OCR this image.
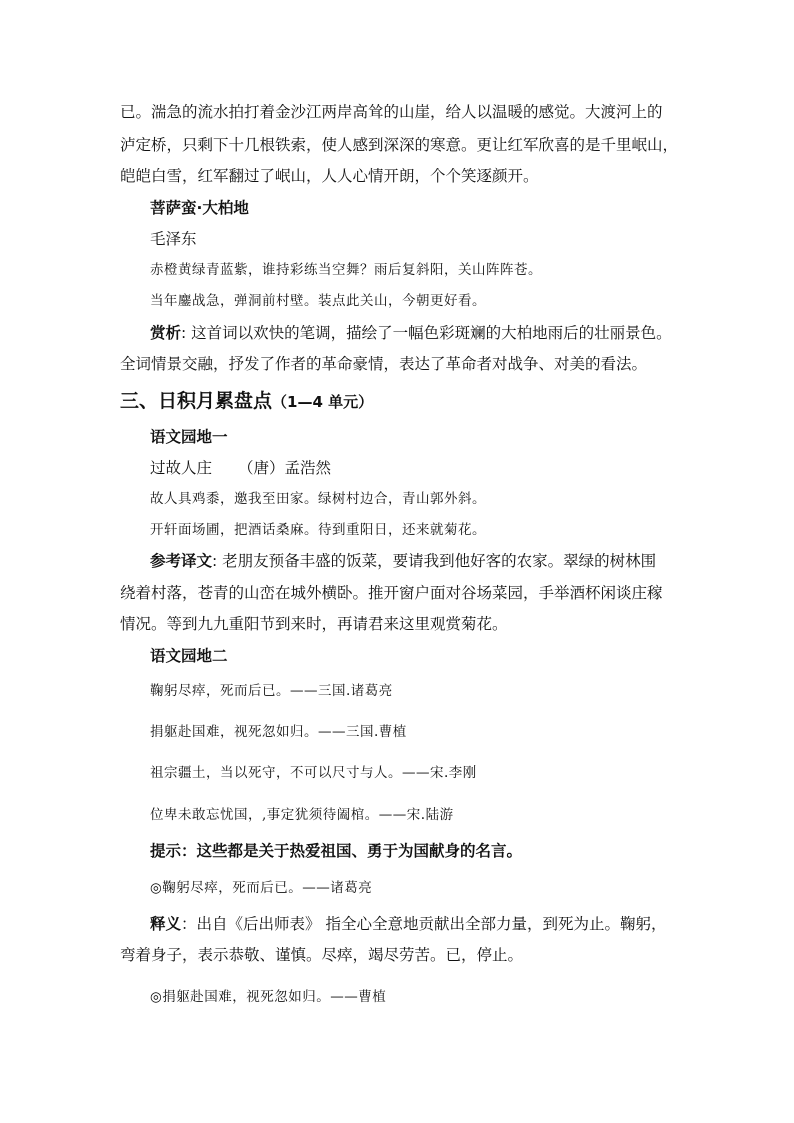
已。湍急的流水拍打着金沙江两岸高耸的山崖，给人以温暖的感觉。大渡河上的
泸定桥，只剩下十几根铁索，使人感到深深的寒意。更让红军欣喜的是千里岷山，
皑皑白雪，红军翻过了岷山，人人心情开朗，个个笑逐颜开。
菩萨蛮·大柏地
毛泽东
赤橙黄绿青蓝紫，谁持彩练当空舞？雨后复斜阳，关山阵阵苍。
当年鏖战急，弹洞前村壁。装点此关山，今朝更好看。
赏析: 这首词以欢快的笔调，描绘了一幅色彩斑斓的大柏地雨后的壮丽景色。
全词情景交融，抒发了作者的革命豪情，表达了革命者对战争、对美的看法。
三、日积月累盘点（1—4 单元）
语文园地一
过故人庄 （唐）孟浩然
故人具鸡黍，邀我至田家。绿树村边合，青山郭外斜。
开轩面场圃，把酒话桑麻。待到重阳日，还来就菊花。
参考译文: 老朋友预备丰盛的饭菜，要请我到他好客的农家。翠绿的树林围
绕着村落，苍青的山峦在城外横卧。推开窗户面对谷场菜园，手举酒杯闲谈庄稼
情况。等到九九重阳节到来时，再请君来这里观赏菊花。
语文园地二
鞠躬尽瘁，死而后已。——三国.诸葛亮
捐躯赴国难，视死忽如归。——三国.曹植
祖宗疆土，当以死守，不可以尺寸与人。——宋.李刚
位卑未敢忘忧国，,事定犹须待阖棺。——宋.陆游
提示：这些都是关于热爱祖国、勇于为国献身的名言。
◎鞠躬尽瘁，死而后已。——诸葛亮
释义：出自《后出师表》 指全心全意地贡献出全部力量，到死为止。鞠躬，
弯着身子，表示恭敬、谨慎。尽瘁，竭尽劳苦。已，停止。
◎捐躯赴国难，视死忽如归。——曹植
